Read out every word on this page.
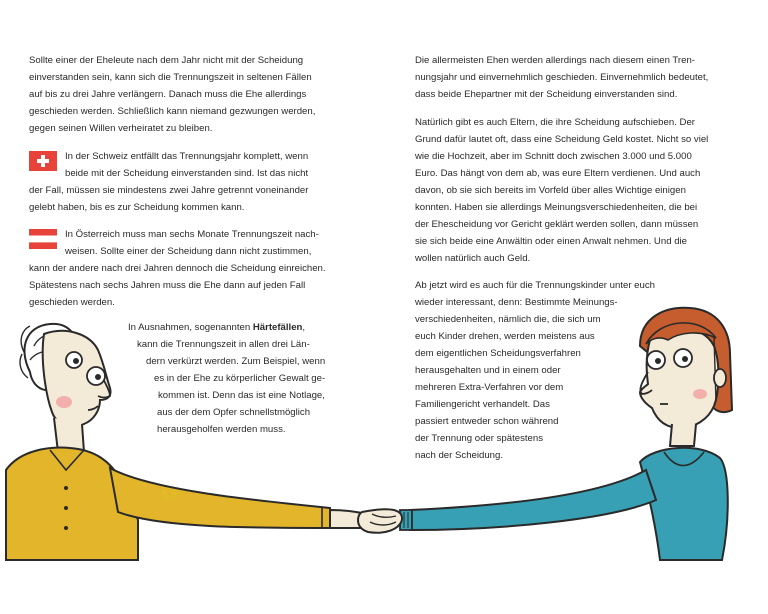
Sollte einer der Eheleute nach dem Jahr nicht mit der Scheidung
einverstanden sein, kann sich die Trennungszeit in seltenen Fällen
auf bis zu drei Jahre verlängern. Danach muss die Ehe allerdings
geschieden werden. Schließlich kann niemand gezwungen werden,
gegen seinen Willen verheiratet zu bleiben.
In der Schweiz entfällt das Trennungsjahr komplett, wenn
beide mit der Scheidung einverstanden sind. Ist das nicht
der Fall, müssen sie mindestens zwei Jahre getrennt voneinander
gelebt haben, bis es zur Scheidung kommen kann.
In Österreich muss man sechs Monate Trennungszeit nach-
weisen. Sollte einer der Scheidung dann nicht zustimmen,
kann der andere nach drei Jahren dennoch die Scheidung einreichen.
Spätestens nach sechs Jahren muss die Ehe dann auf jeden Fall
geschieden werden.
In Ausnahmen, sogenannten Härtefällen,
kann die Trennungszeit in allen drei Län-
dern verkürzt werden. Zum Beispiel, wenn
es in der Ehe zu körperlicher Gewalt ge-
kommen ist. Denn das ist eine Notlage,
aus der dem Opfer schnellstmöglich
herausgeholfen werden muss.
58
Die allermeisten Ehen werden allerdings nach diesem einen Tren-
nungsjahr und einvernehmlich geschieden. Einvernehmlich bedeutet,
dass beide Ehepartner mit der Scheidung einverstanden sind.
Natürlich gibt es auch Eltern, die ihre Scheidung aufschieben. Der
Grund dafür lautet oft, dass eine Scheidung Geld kostet. Nicht so viel
wie die Hochzeit, aber im Schnitt doch zwischen 3.000 und 5.000
Euro. Das hängt von dem ab, was eure Eltern verdienen. Und auch
davon, ob sie sich bereits im Vorfeld über alles Wichtige einigen
konnten. Haben sie allerdings Meinungsverschiedenheiten, die bei
der Ehescheidung vor Gericht geklärt werden sollen, dann müssen
sie sich beide eine Anwältin oder einen Anwalt nehmen. Und die
wollen natürlich auch Geld.
Ab jetzt wird es auch für die Trennungskinder unter euch
wieder interessant, denn: Bestimmte Meinungs-
verschiedenheiten, nämlich die, die sich um
euch Kinder drehen, werden meistens aus
dem eigentlichen Scheidungsverfahren
herausgehalten und in einem oder
mehreren Extra-Verfahren vor dem
Familiengericht verhandelt. Das
passiert entweder schon während
der Trennung oder spätestens
nach der Scheidung.
